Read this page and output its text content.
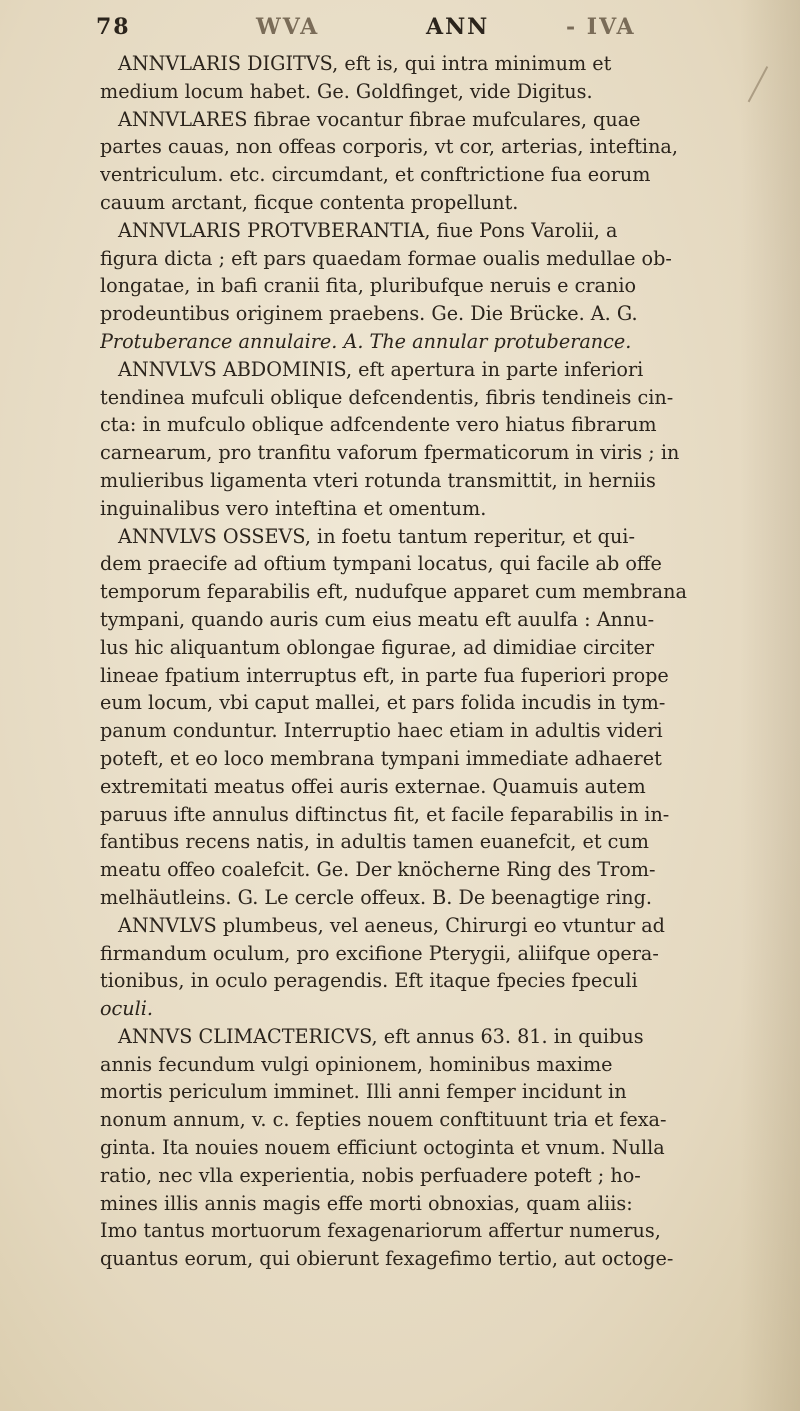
78	WVA	ANN	- IVA
ANNVLARIS DIGITVS, eft is, qui intra minimum et
medium locum habet. Ge. Goldfinget, vide Digitus.
ANNVLARES fibrae vocantur fibrae mufculares, quae
partes cauas, non offeas corporis, vt cor, arterias, inteftina,
ventriculum. etc. circumdant, et conftrictione fua eorum
cauum arctant, ficque contenta propellunt.
ANNVLARIS PROTVBERANTIA, fiue Pons Varolii, a
figura dicta ; eft pars quaedam formae oualis medullae ob-
longatae, in bafi cranii fita, pluribufque neruis e cranio
prodeuntibus originem praebens. Ge. Die Brücke. A. G.
Protuberance annulaire. A. The annular protuberance.
ANNVLVS ABDOMINIS, eft apertura in parte inferiori
tendinea mufculi oblique defcendentis, fibris tendineis cin-
cta: in mufculo oblique adfcendente vero hiatus fibrarum
carnearum, pro tranfitu vaforum fpermaticorum in viris ; in
mulieribus ligamenta vteri rotunda transmittit, in herniis
inguinalibus vero inteftina et omentum.
ANNVLVS OSSEVS, in foetu tantum reperitur, et qui-
dem praecife ad oftium tympani locatus, qui facile ab offe
temporum feparabilis eft, nudufque apparet cum membrana
tympani, quando auris cum eius meatu eft auulfa : Annu-
lus hic aliquantum oblongae figurae, ad dimidiae circiter
lineae fpatium interruptus eft, in parte fua fuperiori prope
eum locum, vbi caput mallei, et pars folida incudis in tym-
panum conduntur. Interruptio haec etiam in adultis videri
poteft, et eo loco membrana tympani immediate adhaeret
extremitati meatus offei auris externae. Quamuis autem
paruus ifte annulus diftinctus fit, et facile feparabilis in in-
fantibus recens natis, in adultis tamen euanefcit, et cum
meatu offeo coalefcit. Ge. Der knöcherne Ring des Trom-
melhäutleins. G. Le cercle offeux. B. De beenagtige ring.
ANNVLVS plumbeus, vel aeneus, Chirurgi eo vtuntur ad
firmandum oculum, pro excifione Pterygii, aliifque opera-
tionibus, in oculo peragendis. Eft itaque fpecies fpeculi
oculi.
ANNVS CLIMACTERICVS, eft annus 63. 81. in quibus
annis fecundum vulgi opinionem, hominibus maxime
mortis periculum imminet. Illi anni femper incidunt in
nonum annum, v. c. fepties nouem conftituunt tria et fexa-
ginta. Ita nouies nouem efficiunt octoginta et vnum. Nulla
ratio, nec vlla experientia, nobis perfuadere poteft ; ho-
mines illis annis magis effe morti obnoxias, quam aliis:
Imo tantus mortuorum fexagenariorum affertur numerus,
quantus eorum, qui obierunt fexagefimo tertio, aut octoge-
